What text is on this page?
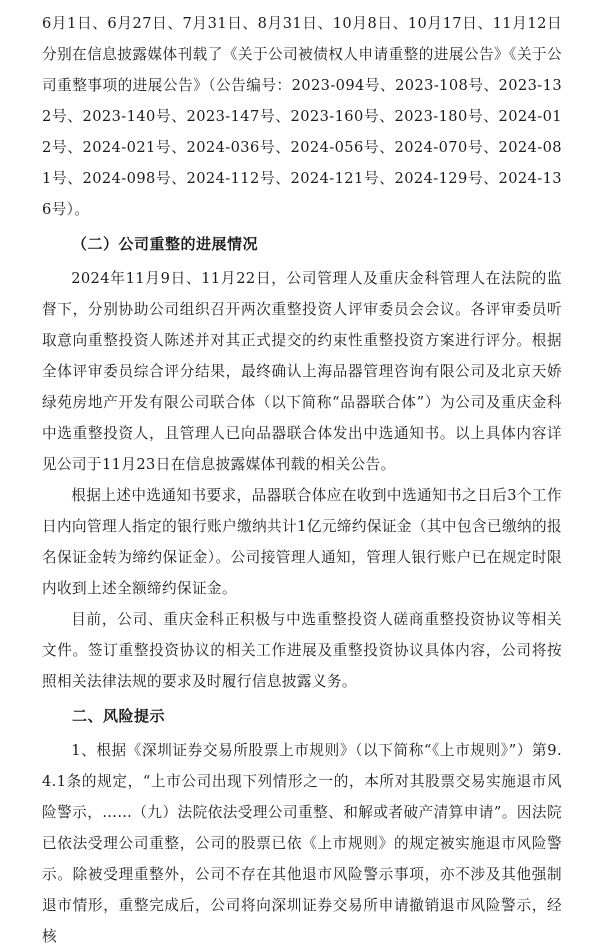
6月1日、6月27日、7月31日、8月31日、10月8日、10月17日、11月12日分别在信息披露媒体刊载了《关于公司被债权人申请重整的进展公告》《关于公司重整事项的进展公告》（公告编号：2023-094号、2023-108号、2023-132号、2023-140号、2023-147号、2023-160号、2023-180号、2024-012号、2024-021号、2024-036号、2024-056号、2024-070号、2024-081号、2024-098号、2024-112号、2024-121号、2024-129号、2024-136号）。

（二）公司重整的进展情况

2024年11月9日、11月22日，公司管理人及重庆金科管理人在法院的监督下，分别协助公司组织召开两次重整投资人评审委员会会议。各评审委员听取意向重整投资人陈述并对其正式提交的约束性重整投资方案进行评分。根据全体评审委员综合评分结果，最终确认上海品器管理咨询有限公司及北京天娇绿苑房地产开发有限公司联合体（以下简称“品器联合体”）为公司及重庆金科中选重整投资人，且管理人已向品器联合体发出中选通知书。以上具体内容详见公司于11月23日在信息披露媒体刊载的相关公告。

根据上述中选通知书要求，品器联合体应在收到中选通知书之日后3个工作日内向管理人指定的银行账户缴纳共计1亿元缔约保证金（其中包含已缴纳的报名保证金转为缔约保证金）。公司接管理人通知，管理人银行账户已在规定时限内收到上述全额缔约保证金。

目前，公司、重庆金科正积极与中选重整投资人磋商重整投资协议等相关文件。签订重整投资协议的相关工作进展及重整投资协议具体内容，公司将按照相关法律法规的要求及时履行信息披露义务。

二、风险提示

1、根据《深圳证券交易所股票上市规则》（以下简称“《上市规则》”）第9.4.1条的规定，“上市公司出现下列情形之一的，本所对其股票交易实施退市风险警示，……（九）法院依法受理公司重整、和解或者破产清算申请”。因法院已依法受理公司重整，公司的股票已依《上市规则》的规定被实施退市风险警示。除被受理重整外，公司不存在其他退市风险警示事项，亦不涉及其他强制退市情形，重整完成后，公司将向深圳证券交易所申请撤销退市风险警示，经核
